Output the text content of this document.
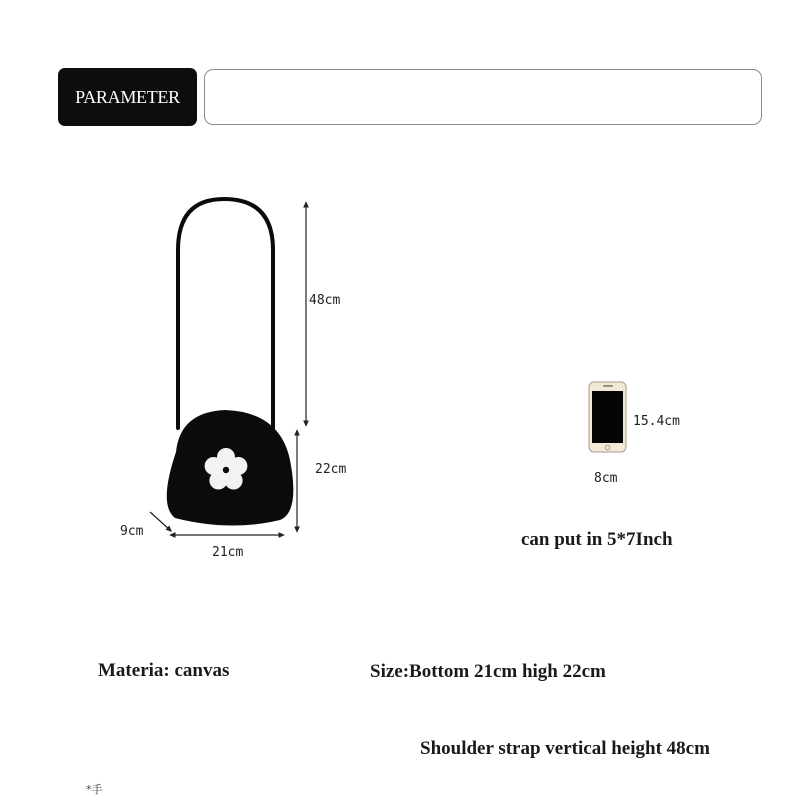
PARAMETER
48cm
22cm
21cm
9cm
15.4cm
8cm
can put in 5*7Inch
Materia: canvas	Size:Bottom 21cm high 22cm
Shoulder strap vertical height 48cm
*手
